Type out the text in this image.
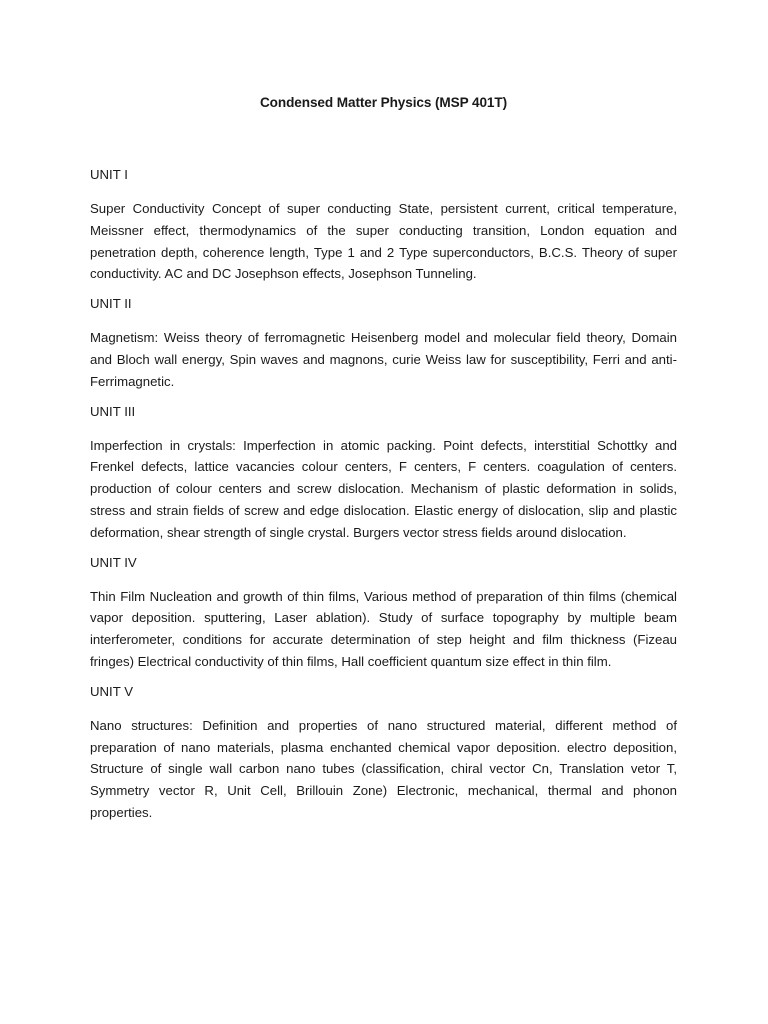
Condensed Matter Physics (MSP 401T)

UNIT I

Super Conductivity Concept of super conducting State, persistent current, critical temperature, Meissner effect, thermodynamics of the super conducting transition, London equation and penetration depth, coherence length, Type 1 and 2 Type superconductors, B.C.S. Theory of super conductivity. AC and DC Josephson effects, Josephson Tunneling.

UNIT II

Magnetism: Weiss theory of ferromagnetic Heisenberg model and molecular field theory, Domain and Bloch wall energy, Spin waves and magnons, curie Weiss law for susceptibility, Ferri and anti-Ferrimagnetic.

UNIT III

Imperfection in crystals: Imperfection in atomic packing. Point defects, interstitial Schottky and Frenkel defects, lattice vacancies colour centers, F centers, F centers. coagulation of centers. production of colour centers and screw dislocation. Mechanism of plastic deformation in solids, stress and strain fields of screw and edge dislocation. Elastic energy of dislocation, slip and plastic deformation, shear strength of single crystal. Burgers vector stress fields around dislocation.

UNIT IV

Thin Film Nucleation and growth of thin films, Various method of preparation of thin films (chemical vapor deposition. sputtering, Laser ablation). Study of surface topography by multiple beam interferometer, conditions for accurate determination of step height and film thickness (Fizeau fringes) Electrical conductivity of thin films, Hall coefficient quantum size effect in thin film.

UNIT V

Nano structures: Definition and properties of nano structured material, different method of preparation of nano materials, plasma enchanted chemical vapor deposition. electro deposition, Structure of single wall carbon nano tubes (classification, chiral vector Cn, Translation vetor T, Symmetry vector R, Unit Cell, Brillouin Zone) Electronic, mechanical, thermal and phonon properties.
